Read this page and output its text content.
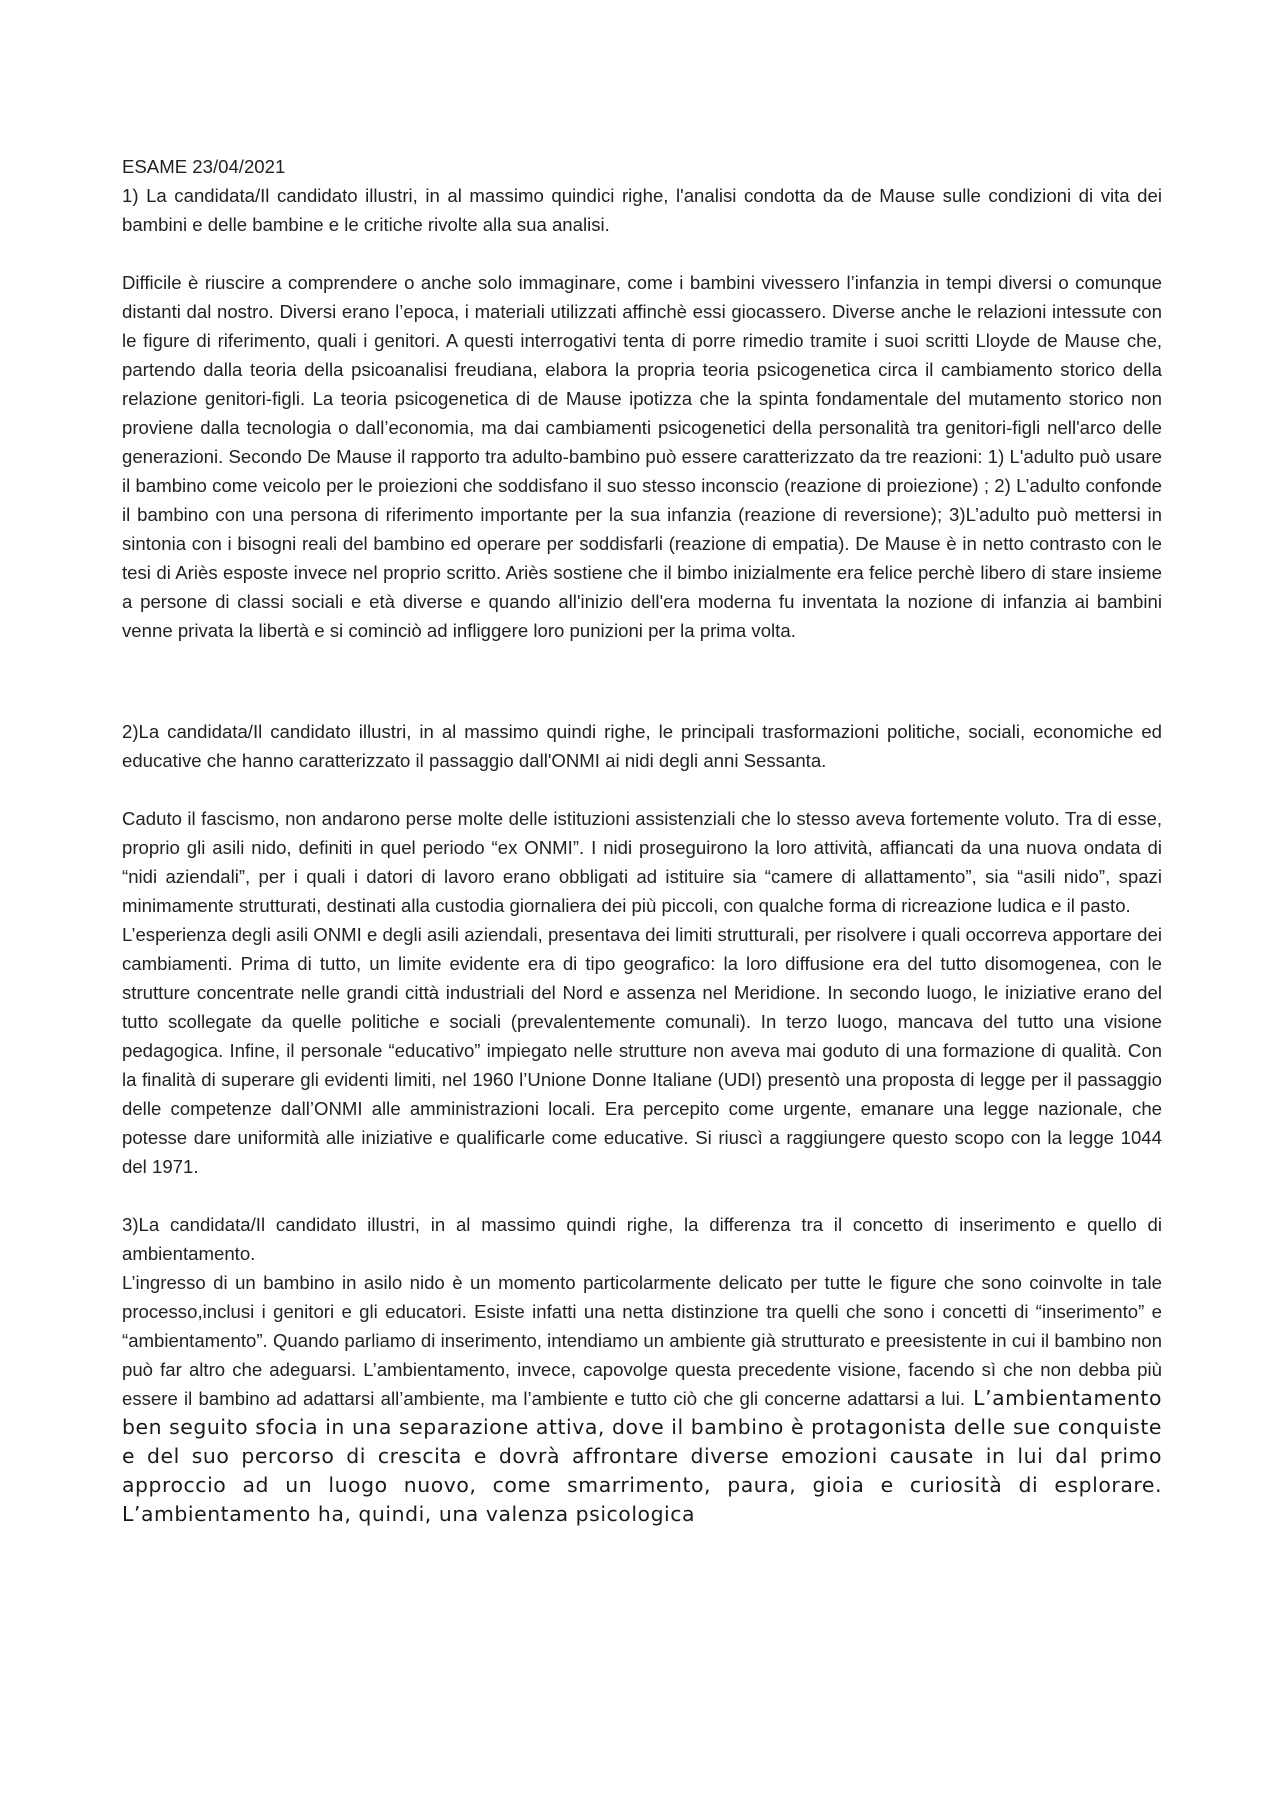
ESAME 23/04/2021

1) La candidata/Il candidato illustri, in al massimo quindici righe, l'analisi condotta da de Mause sulle condizioni di vita dei bambini e delle bambine e le critiche rivolte alla sua analisi.

Difficile è riuscire a comprendere o anche solo immaginare, come i bambini vivessero l’infanzia in tempi diversi o comunque distanti dal nostro. Diversi erano l’epoca, i materiali utilizzati affinchè essi giocassero. Diverse anche le relazioni intessute con le figure di riferimento, quali i genitori. A questi interrogativi tenta di porre rimedio tramite i suoi scritti Lloyde de Mause che, partendo dalla teoria della psicoanalisi freudiana, elabora la propria teoria psicogenetica circa il cambiamento storico della relazione genitori-figli. La teoria psicogenetica di de Mause ipotizza che la spinta fondamentale del mutamento storico non proviene dalla tecnologia o dall’economia, ma dai cambiamenti psicogenetici della personalità tra genitori-figli nell'arco delle generazioni. Secondo De Mause il rapporto tra adulto-bambino può essere caratterizzato da tre reazioni: 1) L'adulto può usare il bambino come veicolo per le proiezioni che soddisfano il suo stesso inconscio (reazione di proiezione) ; 2) L’adulto confonde il bambino con una persona di riferimento importante per la sua infanzia (reazione di reversione); 3)L’adulto può mettersi in sintonia con i bisogni reali del bambino ed operare per soddisfarli (reazione di empatia). De Mause è in netto contrasto con le tesi di Ariès esposte invece nel proprio scritto. Ariès sostiene che il bimbo inizialmente era felice perchè libero di stare insieme a persone di classi sociali e età diverse e quando all'inizio dell'era moderna fu inventata la nozione di infanzia ai bambini venne privata la libertà e si cominciò ad infliggere loro punizioni per la prima volta.

2)La candidata/Il candidato illustri, in al massimo quindi righe, le principali trasformazioni politiche, sociali, economiche ed educative che hanno caratterizzato il passaggio dall'ONMI ai nidi degli anni Sessanta.

Caduto il fascismo, non andarono perse molte delle istituzioni assistenziali che lo stesso aveva fortemente voluto. Tra di esse, proprio gli asili nido, definiti in quel periodo “ex ONMI”. I nidi proseguirono la loro attività, affiancati da una nuova ondata di “nidi aziendali”, per i quali i datori di lavoro erano obbligati ad istituire sia “camere di allattamento”, sia “asili nido”, spazi minimamente strutturati, destinati alla custodia giornaliera dei più piccoli, con qualche forma di ricreazione ludica e il pasto.

L’esperienza degli asili ONMI e degli asili aziendali, presentava dei limiti strutturali, per risolvere i quali occorreva apportare dei cambiamenti. Prima di tutto, un limite evidente era di tipo geografico: la loro diffusione era del tutto disomogenea, con le strutture concentrate nelle grandi città industriali del Nord e assenza nel Meridione. In secondo luogo, le iniziative erano del tutto scollegate da quelle politiche e sociali (prevalentemente comunali). In terzo luogo, mancava del tutto una visione pedagogica. Infine, il personale “educativo” impiegato nelle strutture non aveva mai goduto di una formazione di qualità. Con la finalità di superare gli evidenti limiti, nel 1960 l’Unione Donne Italiane (UDI) presentò una proposta di legge per il passaggio delle competenze dall’ONMI alle amministrazioni locali. Era percepito come urgente, emanare una legge nazionale, che potesse dare uniformità alle iniziative e qualificarle come educative. Si riuscì a raggiungere questo scopo con la legge 1044 del 1971.

3)La candidata/Il candidato illustri, in al massimo quindi righe, la differenza tra il concetto di inserimento e quello di ambientamento.

L’ingresso di un bambino in asilo nido è un momento particolarmente delicato per tutte le figure che sono coinvolte in tale processo,inclusi i genitori e gli educatori. Esiste infatti una netta distinzione tra quelli che sono i concetti di “inserimento” e “ambientamento”. Quando parliamo di inserimento, intendiamo un ambiente già strutturato e preesistente in cui il bambino non può far altro che adeguarsi. L’ambientamento, invece, capovolge questa precedente visione, facendo sì che non debba più essere il bambino ad adattarsi all’ambiente, ma l’ambiente e tutto ciò che gli concerne adattarsi a lui. L’ambientamento ben seguito sfocia in una separazione attiva, dove il bambino è protagonista delle sue conquiste e del suo percorso di crescita e dovrà affrontare diverse emozioni causate in lui dal primo approccio ad un luogo nuovo, come smarrimento, paura, gioia e curiosità di esplorare. L’ambientamento ha, quindi, una valenza psicologica
